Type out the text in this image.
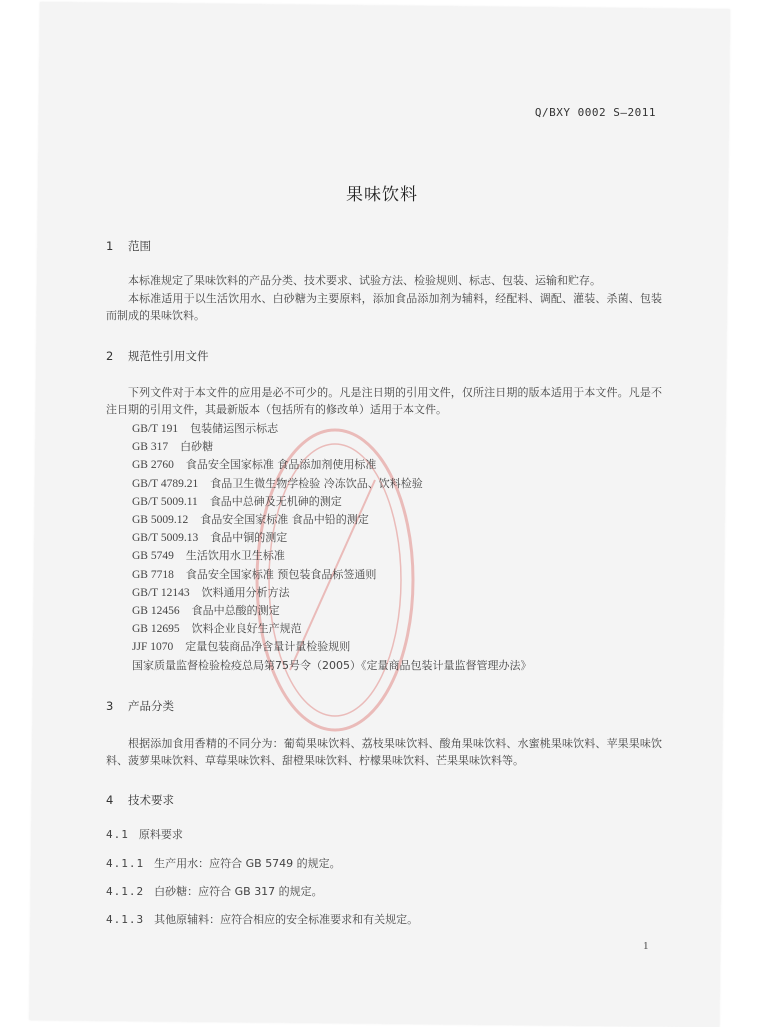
Q/BXY 0002 S—2011
果味饮料
1 范围
本标准规定了果味饮料的产品分类、技术要求、试验方法、检验规则、标志、包装、运输和贮存。
本标准适用于以生活饮用水、白砂糖为主要原料，添加食品添加剂为辅料，经配料、调配、灌装、杀菌、包装而制成的果味饮料。
2 规范性引用文件
下列文件对于本文件的应用是必不可少的。凡是注日期的引用文件，仅所注日期的版本适用于本文件。凡是不注日期的引用文件，其最新版本（包括所有的修改单）适用于本文件。
GB/T 191 包装储运图示标志
GB 317 白砂糖
GB 2760 食品安全国家标准 食品添加剂使用标准
GB/T 4789.21 食品卫生微生物学检验 冷冻饮品、饮料检验
GB/T 5009.11 食品中总砷及无机砷的测定
GB 5009.12 食品安全国家标准 食品中铅的测定
GB/T 5009.13 食品中铜的测定
GB 5749 生活饮用水卫生标准
GB 7718 食品安全国家标准 预包装食品标签通则
GB/T 12143 饮料通用分析方法
GB 12456 食品中总酸的测定
GB 12695 饮料企业良好生产规范
JJF 1070 定量包装商品净含量计量检验规则
国家质量监督检验检疫总局第75号令（2005）《定量商品包装计量监督管理办法》
3 产品分类
根据添加食用香精的不同分为：葡萄果味饮料、荔枝果味饮料、酸角果味饮料、水蜜桃果味饮料、苹果果味饮料、菠萝果味饮料、草莓果味饮料、甜橙果味饮料、柠檬果味饮料、芒果果味饮料等。
4 技术要求
4.1 原料要求
4.1.1 生产用水：应符合 GB 5749 的规定。
4.1.2 白砂糖：应符合 GB 317 的规定。
4.1.3 其他原辅料：应符合相应的安全标准要求和有关规定。
1
